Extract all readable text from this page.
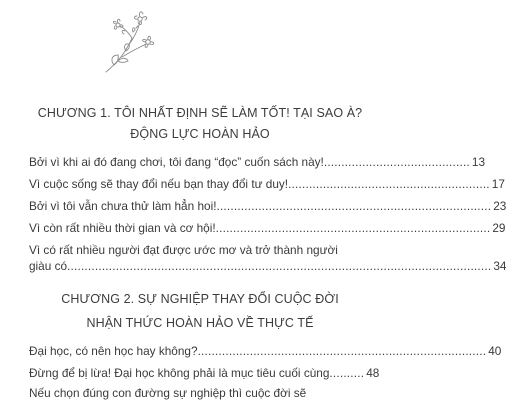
CHƯƠNG 1. TÔI NHẤT ĐỊNH SẼ LÀM TỐT! TẠI SAO À?
ĐỘNG LỰC HOÀN HẢO
Bởi vì khi ai đó đang chơi, tôi đang “đọc” cuốn sách này! .......................................... 13
Vì cuộc sống sẽ thay đổi nếu bạn thay đổi tư duy! .......................................................... 17
Bởi vì tôi vẫn chưa thử làm hẳn hoi! ............................................................................... 23
Vì còn rất nhiều thời gian và cơ hội! ............................................................................... 29
Vì có rất nhiều người đạt được ước mơ và trở thành người
giàu có .......................................................................................................................... 34
CHƯƠNG 2. SỰ NGHIỆP THAY ĐỔI CUỘC ĐỜI
NHẬN THỨC HOÀN HẢO VỀ THỰC TẾ
Đại học, có nên học hay không? ................................................................................... 40
Đừng để bị lừa! Đại học không phải là mục tiêu cuối cùng .......... 48
Nếu chọn đúng con đường sự nghiệp thì cuộc đời sẽ
